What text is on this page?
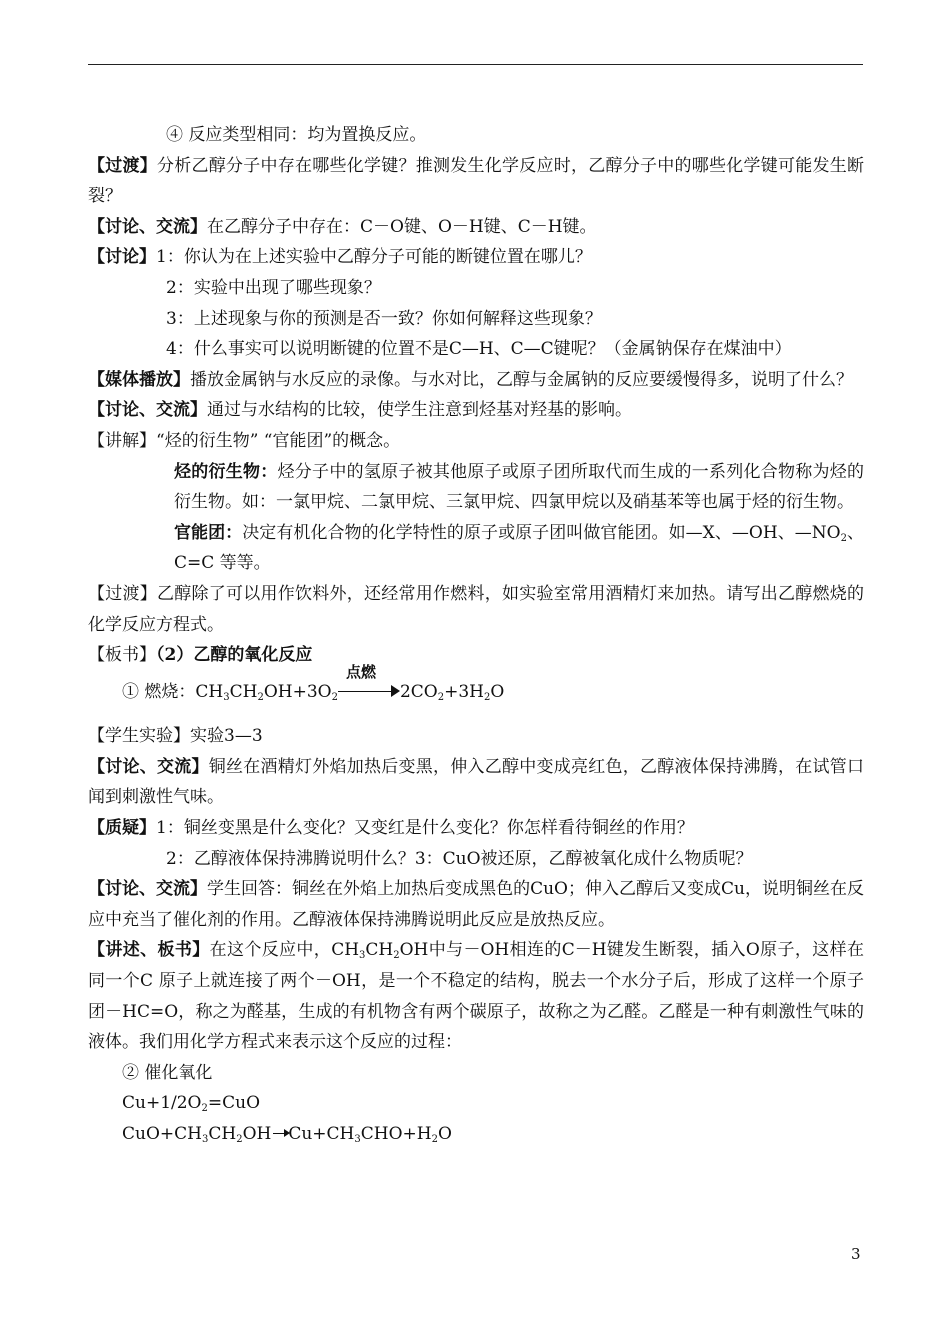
④ 反应类型相同：均为置换反应。

【过渡】分析乙醇分子中存在哪些化学键？推测发生化学反应时，乙醇分子中的哪些化学键可能发生断裂？

【讨论、交流】在乙醇分子中存在：C－O键、O－H键、C－H键。

【讨论】1：你认为在上述实验中乙醇分子可能的断键位置在哪儿？

2：实验中出现了哪些现象？

3：上述现象与你的预测是否一致？你如何解释这些现象？

4：什么事实可以说明断键的位置不是C—H、C—C键呢？（金属钠保存在煤油中）

【媒体播放】播放金属钠与水反应的录像。与水对比，乙醇与金属钠的反应要缓慢得多，说明了什么？

【讨论、交流】通过与水结构的比较，使学生注意到烃基对羟基的影响。

【讲解】“烃的衍生物” “官能团”的概念。

烃的衍生物：烃分子中的氢原子被其他原子或原子团所取代而生成的一系列化合物称为烃的衍生物。如：一氯甲烷、二氯甲烷、三氯甲烷、四氯甲烷以及硝基苯等也属于烃的衍生物。

官能团：决定有机化合物的化学特性的原子或原子团叫做官能团。如—X、—OH、$—NO_2$、C=C 等等。

【过渡】乙醇除了可以用作饮料外，还经常用作燃料，如实验室常用酒精灯来加热。请写出乙醇燃烧的化学反应方程式。

【板书】（2）乙醇的氧化反应

① 燃烧：$CH_3CH_2OH+3O_2$
点燃
$2CO_2+3H_2O$

【学生实验】实验3—3

【讨论、交流】铜丝在酒精灯外焰加热后变黑，伸入乙醇中变成亮红色，乙醇液体保持沸腾，在试管口闻到刺激性气味。

【质疑】1：铜丝变黑是什么变化？又变红是什么变化？你怎样看待铜丝的作用？

2：乙醇液体保持沸腾说明什么？3：CuO被还原，乙醇被氧化成什么物质呢？

【讨论、交流】学生回答：铜丝在外焰上加热后变成黑色的CuO；伸入乙醇后又变成Cu，说明铜丝在反应中充当了催化剂的作用。乙醇液体保持沸腾说明此反应是放热反应。

【讲述、板书】在这个反应中，$CH_3CH_2OH$中与－OH相连的C－H键发生断裂，插入O原子，这样在同一个C 原子上就连接了两个－OH，是一个不稳定的结构，脱去一个水分子后，形成了这样一个原子团－HC=O，称之为醛基，生成的有机物含有两个碳原子，故称之为乙醛。乙醛是一种有刺激性气味的液体。我们用化学方程式来表示这个反应的过程：

② 催化氧化

$Cu+1/2O_2=CuO$

$CuO+CH_3CH_2OH$ $Cu+CH_3CHO+H_2O$

3
